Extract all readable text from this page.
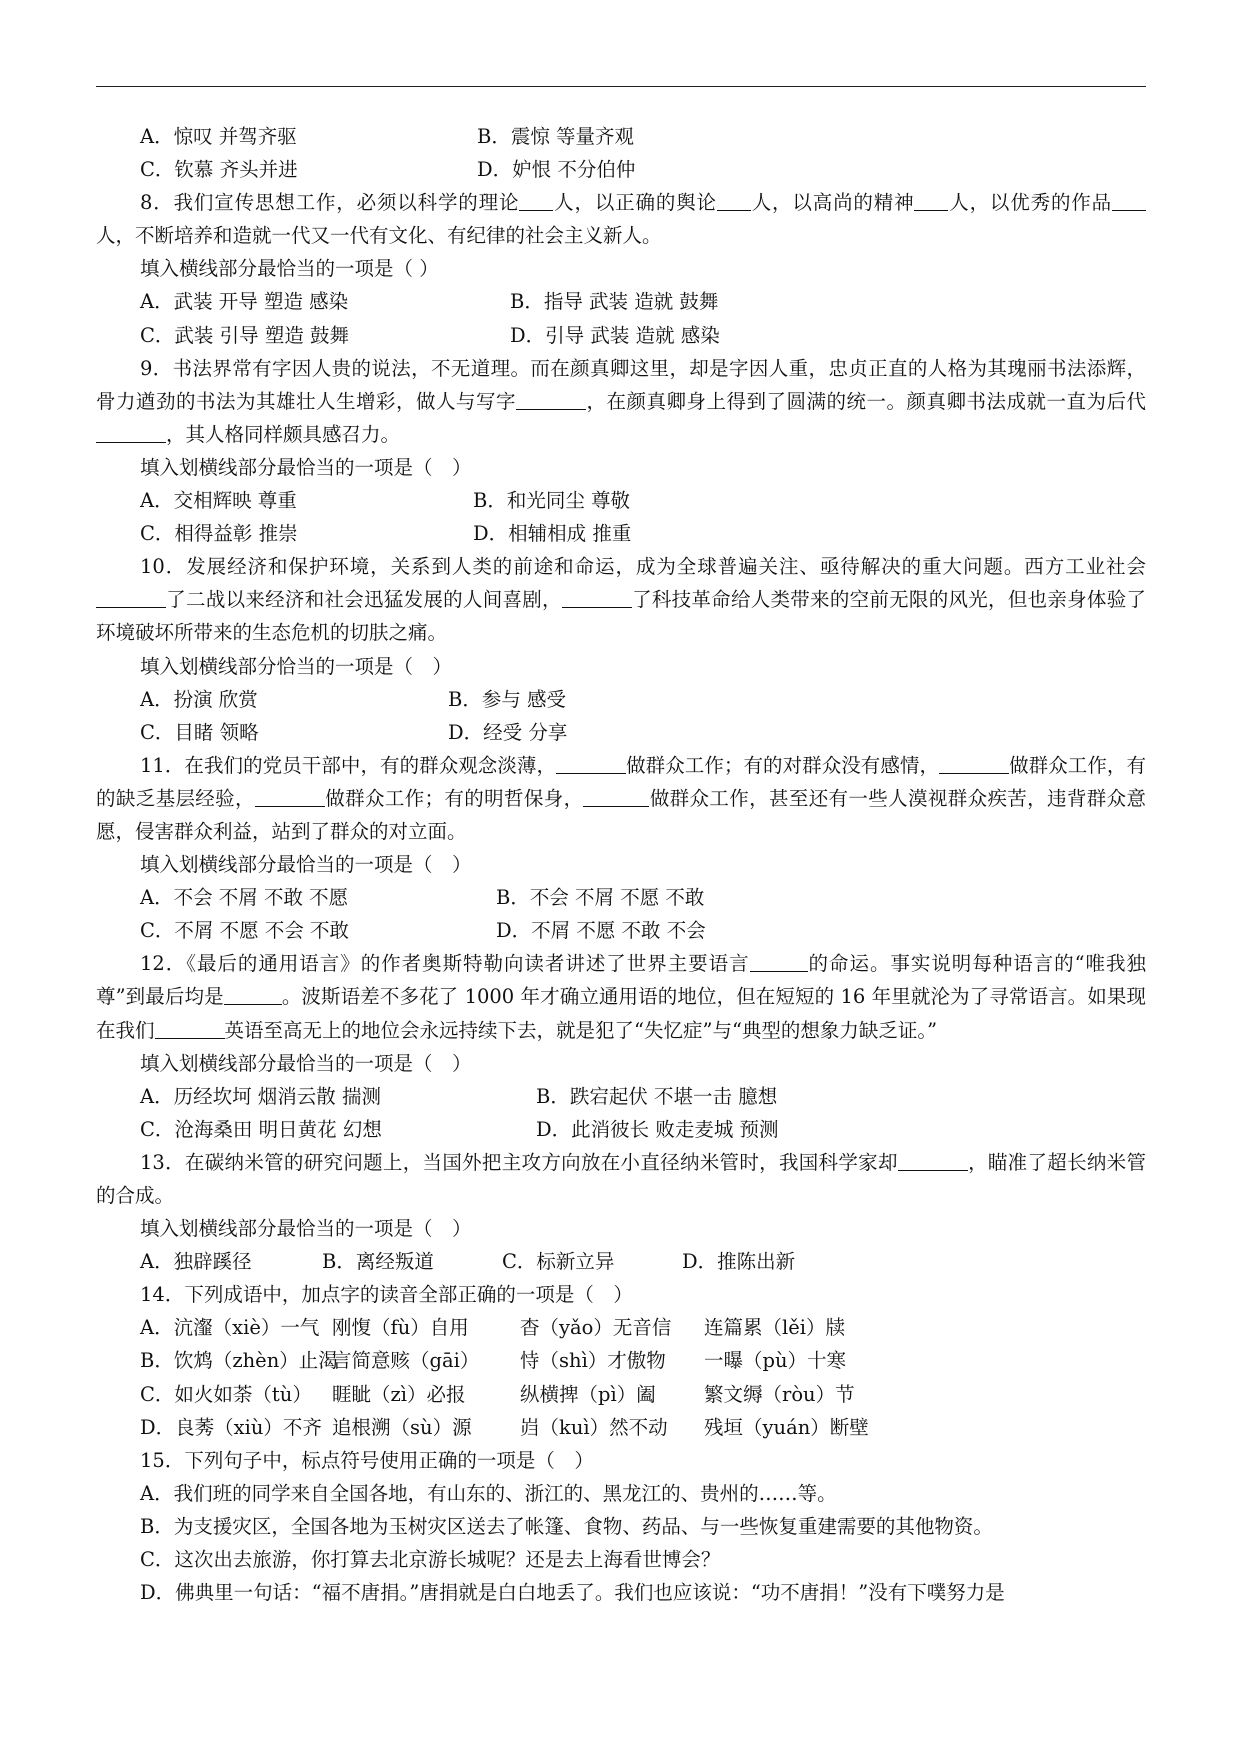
A．惊叹 并驾齐驱	B．震惊 等量齐观
C．钦慕 齐头并进	D．妒恨 不分伯仲
8．我们宣传思想工作，必须以科学的理论 人，以正确的舆论 人，以高尚的精神 人，以优秀的作品人，不断培养和造就一代又一代有文化、有纪律的社会主义新人。
填入横线部分最恰当的一项是（ ）
A．武装 开导 塑造 感染	B．指导 武装 造就 鼓舞
C．武装 引导 塑造 鼓舞	D．引导 武装 造就 感染
9．书法界常有字因人贵的说法，不无道理。而在颜真卿这里，却是字因人重，忠贞正直的人格为其瑰丽书法添辉，骨力遒劲的书法为其雄壮人生增彩，做人与写字	，在颜真卿身上得到了圆满的统一。颜真卿书法成就一直为后代，其人格同样颇具感召力。
填入划横线部分最恰当的一项是（　）
A．交相辉映 尊重	B．和光同尘 尊敬
C．相得益彰 推崇	D．相辅相成 推重
10．发展经济和保护环境，关系到人类的前途和命运，成为全球普遍关注、亟待解决的重大问题。西方工业社会了二战以来经济和社会迅猛发展的人间喜剧，	了科技革命给人类带来的空前无限的风光，但也亲身体验了环境破坏所带来的生态危机的切肤之痛。
填入划横线部分恰当的一项是（　）
A．扮演 欣赏	B．参与 感受
C．目睹 领略	D．经受 分享
11．在我们的党员干部中，有的群众观念淡薄，	做群众工作；有的对群众没有感情，	做群众工作，有的缺乏基层经验，	做群众工作；有的明哲保身，	做群众工作，甚至还有一些人漠视群众疾苦，违背群众意愿，侵害群众利益，站到了群众的对立面。
填入划横线部分最恰当的一项是（　）
A．不会 不屑 不敢 不愿	B．不会 不屑 不愿 不敢
C．不屑 不愿 不会 不敢	D．不屑 不愿 不敢 不会
12．《最后的通用语言》的作者奥斯特勒向读者讲述了世界主要语言	的命运。事实说明每种语言的“唯我独尊”到最后均是	。波斯语差不多花了 1000 年才确立通用语的地位，但在短短的 16 年里就沦为了寻常语言。如果现在我们	英语至高无上的地位会永远持续下去，就是犯了“失忆症”与“典型的想象力缺乏证。”
填入划横线部分最恰当的一项是（　）
A．历经坎坷 烟消云散 揣测	B．跌宕起伏 不堪一击 臆想
C．沧海桑田 明日黄花 幻想	D．此消彼长 败走麦城 预测
13．在碳纳米管的研究问题上，当国外把主攻方向放在小直径纳米管时，我国科学家却	，瞄准了超长纳米管的合成。
填入划横线部分最恰当的一项是（　）
A．独辟蹊径	B．离经叛道	C．标新立异	D．推陈出新
14．下列成语中，加点字的读音全部正确的一项是（　）
A．沆瀣（xiè）一气 刚愎（fù）自用	杳（yǎo）无音信 连篇累（lěi）牍
B．饮鸩（zhèn）止渴言简意赅（gāi） 恃（shì）才傲物 一曝（pù）十寒
C．如火如荼（tù） 睚眦（zì）必报	纵横捭（pì）阖 繁文缛（ròu）节
D．良莠（xiù）不齐 追根溯（sù）源 岿（kuì）然不动 残垣（yuán）断壁
15．下列句子中，标点符号使用正确的一项是（　）
A．我们班的同学来自全国各地，有山东的、浙江的、黑龙江的、贵州的……等。
B．为支援灾区，全国各地为玉树灾区送去了帐篷、食物、药品、与一些恢复重建需要的其他物资。
C．这次出去旅游，你打算去北京游长城呢？还是去上海看世博会？
D．佛典里一句话：“福不唐捐。”唐捐就是白白地丢了。我们也应该说：“功不唐捐！”没有下噗努力是
